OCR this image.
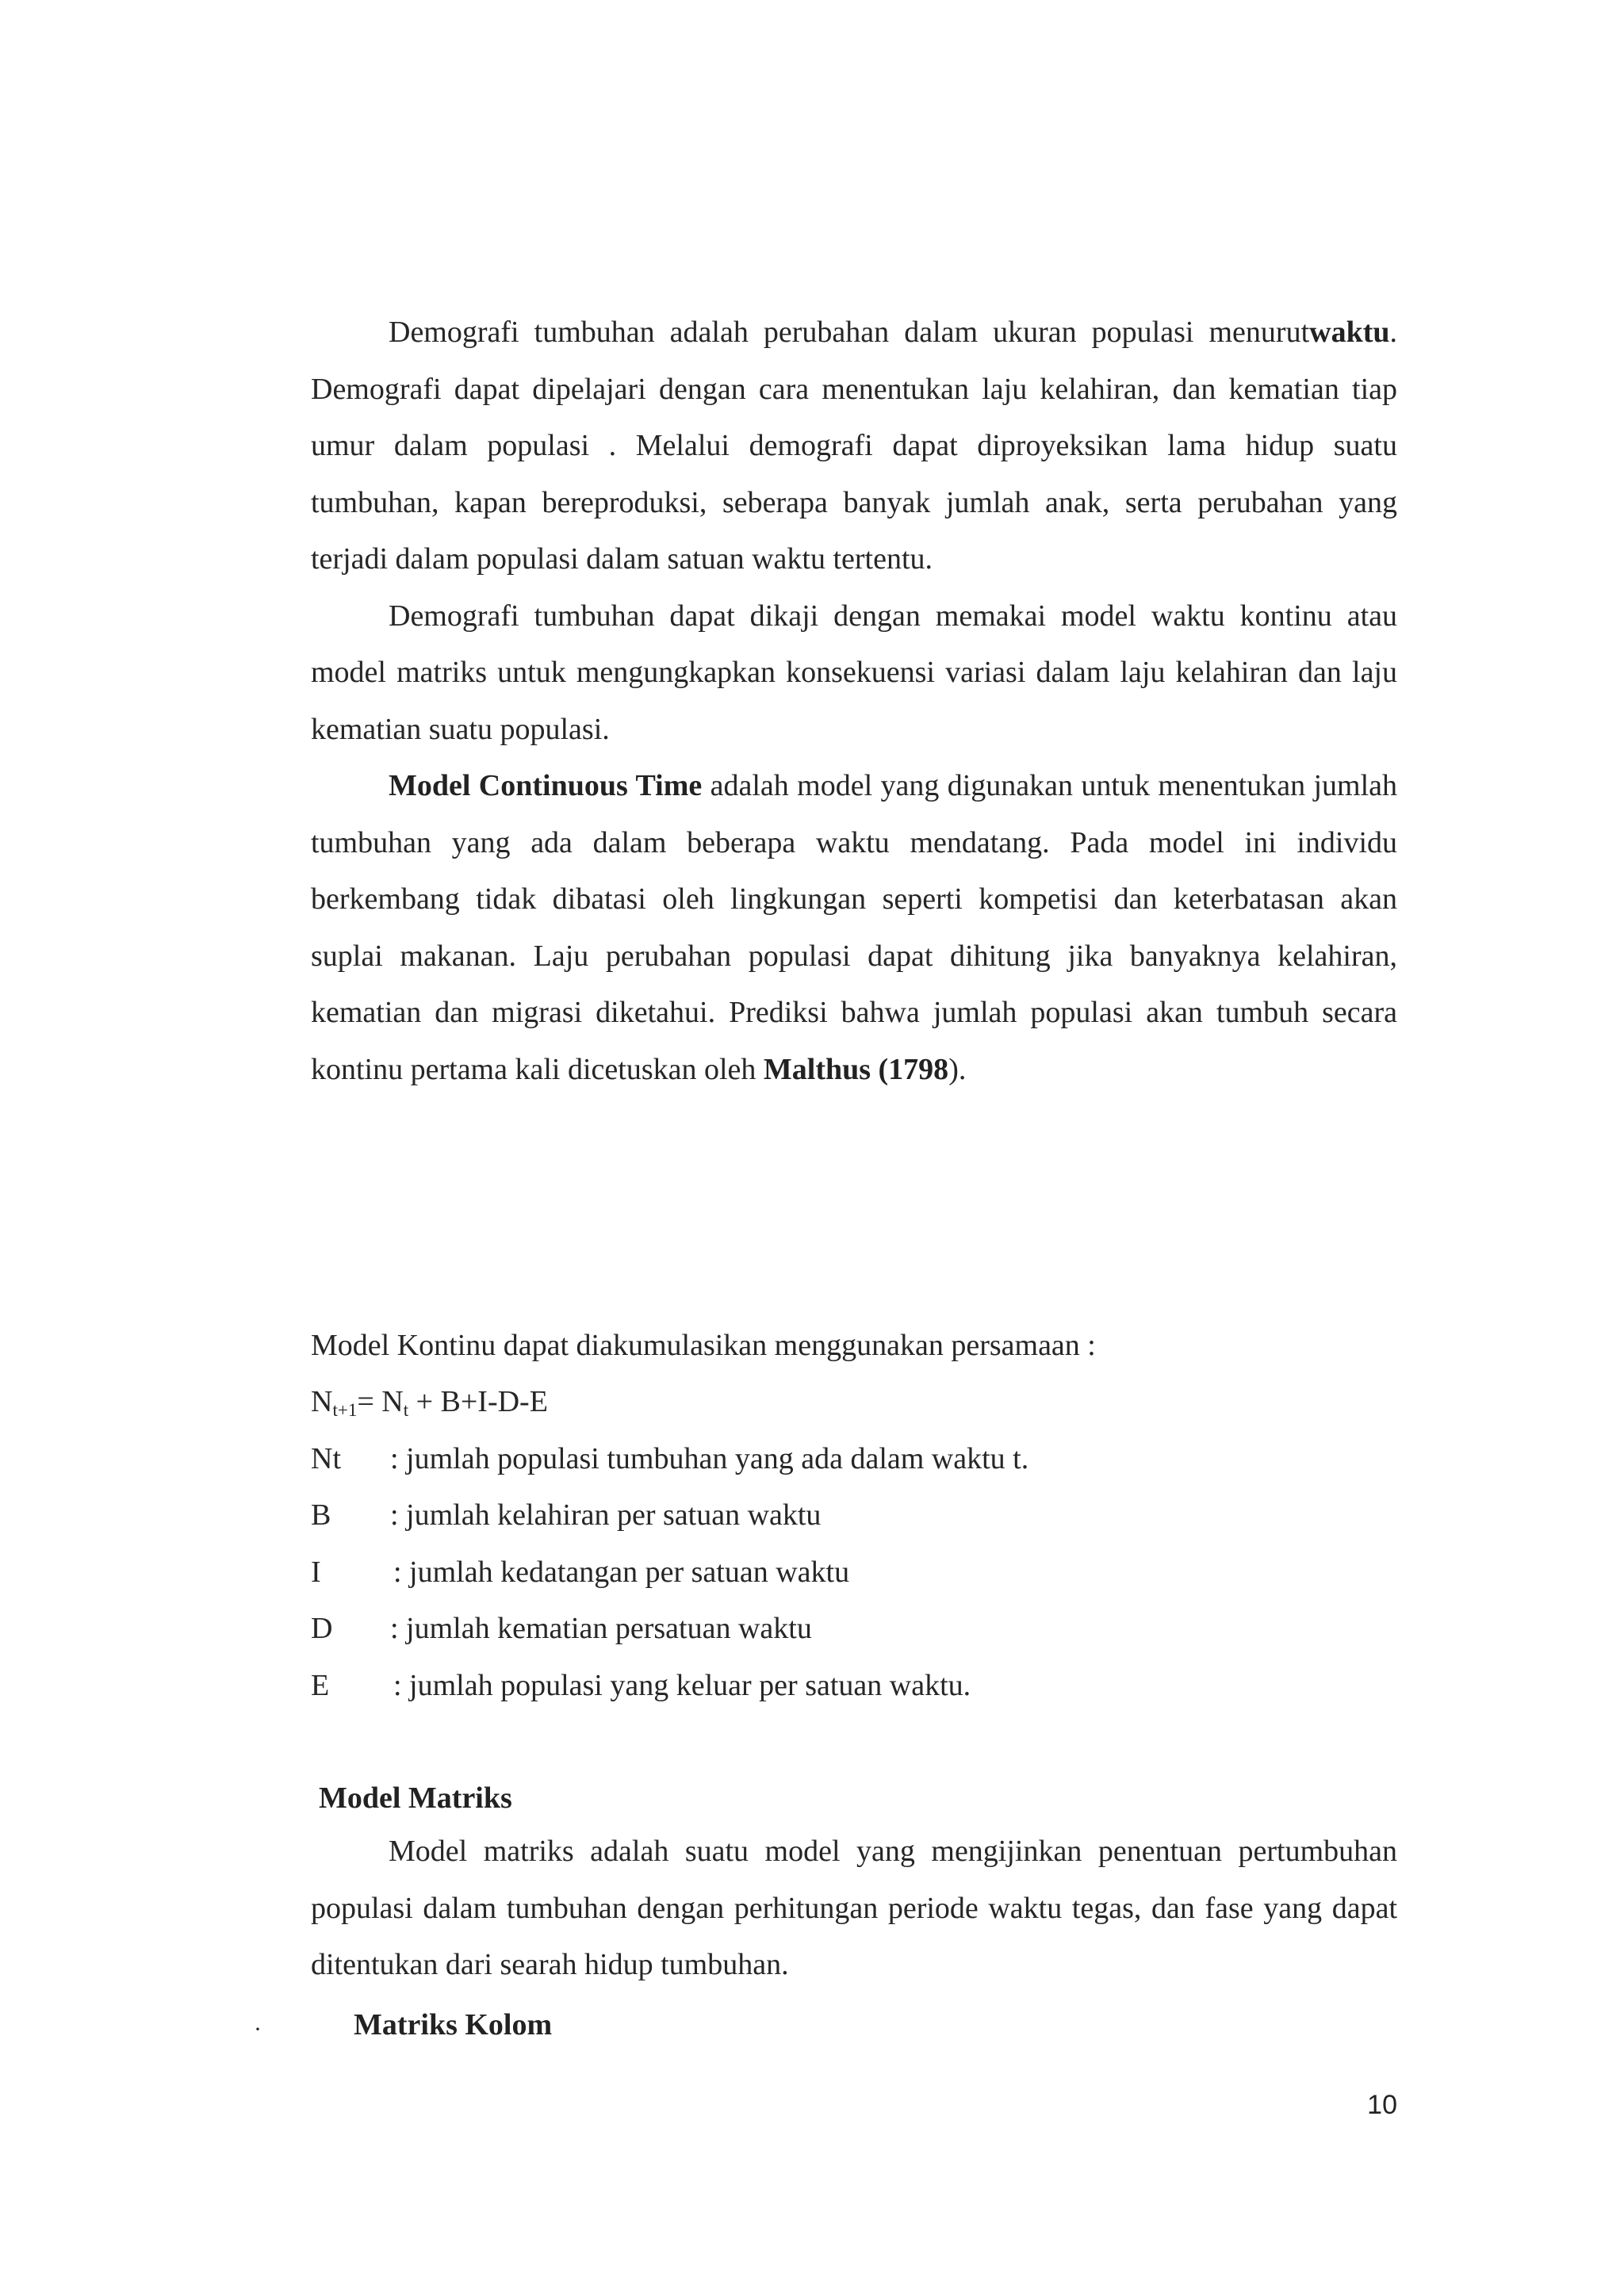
Demografi tumbuhan adalah perubahan dalam ukuran populasi menurutwaktu. Demografi dapat dipelajari dengan cara menentukan laju kelahiran, dan kematian tiap umur dalam populasi . Melalui demografi dapat diproyeksikan lama hidup suatu tumbuhan, kapan bereproduksi, seberapa banyak jumlah anak, serta perubahan yang terjadi dalam populasi dalam satuan waktu tertentu.

Demografi tumbuhan dapat dikaji dengan memakai model waktu kontinu atau model matriks untuk mengungkapkan konsekuensi variasi dalam laju kelahiran dan laju kematian suatu populasi.

Model Continuous Time adalah model yang digunakan untuk menentukan jumlah tumbuhan yang ada dalam beberapa waktu mendatang. Pada model ini individu berkembang tidak dibatasi oleh lingkungan seperti kompetisi dan keterbatasan akan suplai makanan. Laju perubahan populasi dapat dihitung jika banyaknya kelahiran, kematian dan migrasi diketahui. Prediksi bahwa jumlah populasi akan tumbuh secara kontinu pertama kali dicetuskan oleh Malthus (1798).

Model Kontinu dapat diakumulasikan menggunakan persamaan :
$N_{t+1}= N_t + B+I-D-E$
Nt : jumlah populasi tumbuhan yang ada dalam waktu t.
B : jumlah kelahiran per satuan waktu
I : jumlah kedatangan per satuan waktu
D : jumlah kematian persatuan waktu
E : jumlah populasi yang keluar per satuan waktu.
Model Matriks

Model matriks adalah suatu model yang mengijinkan penentuan pertumbuhan populasi dalam tumbuhan dengan perhitungan periode waktu tegas, dan fase yang dapat ditentukan dari searah hidup tumbuhan.

·	Matriks Kolom
10
